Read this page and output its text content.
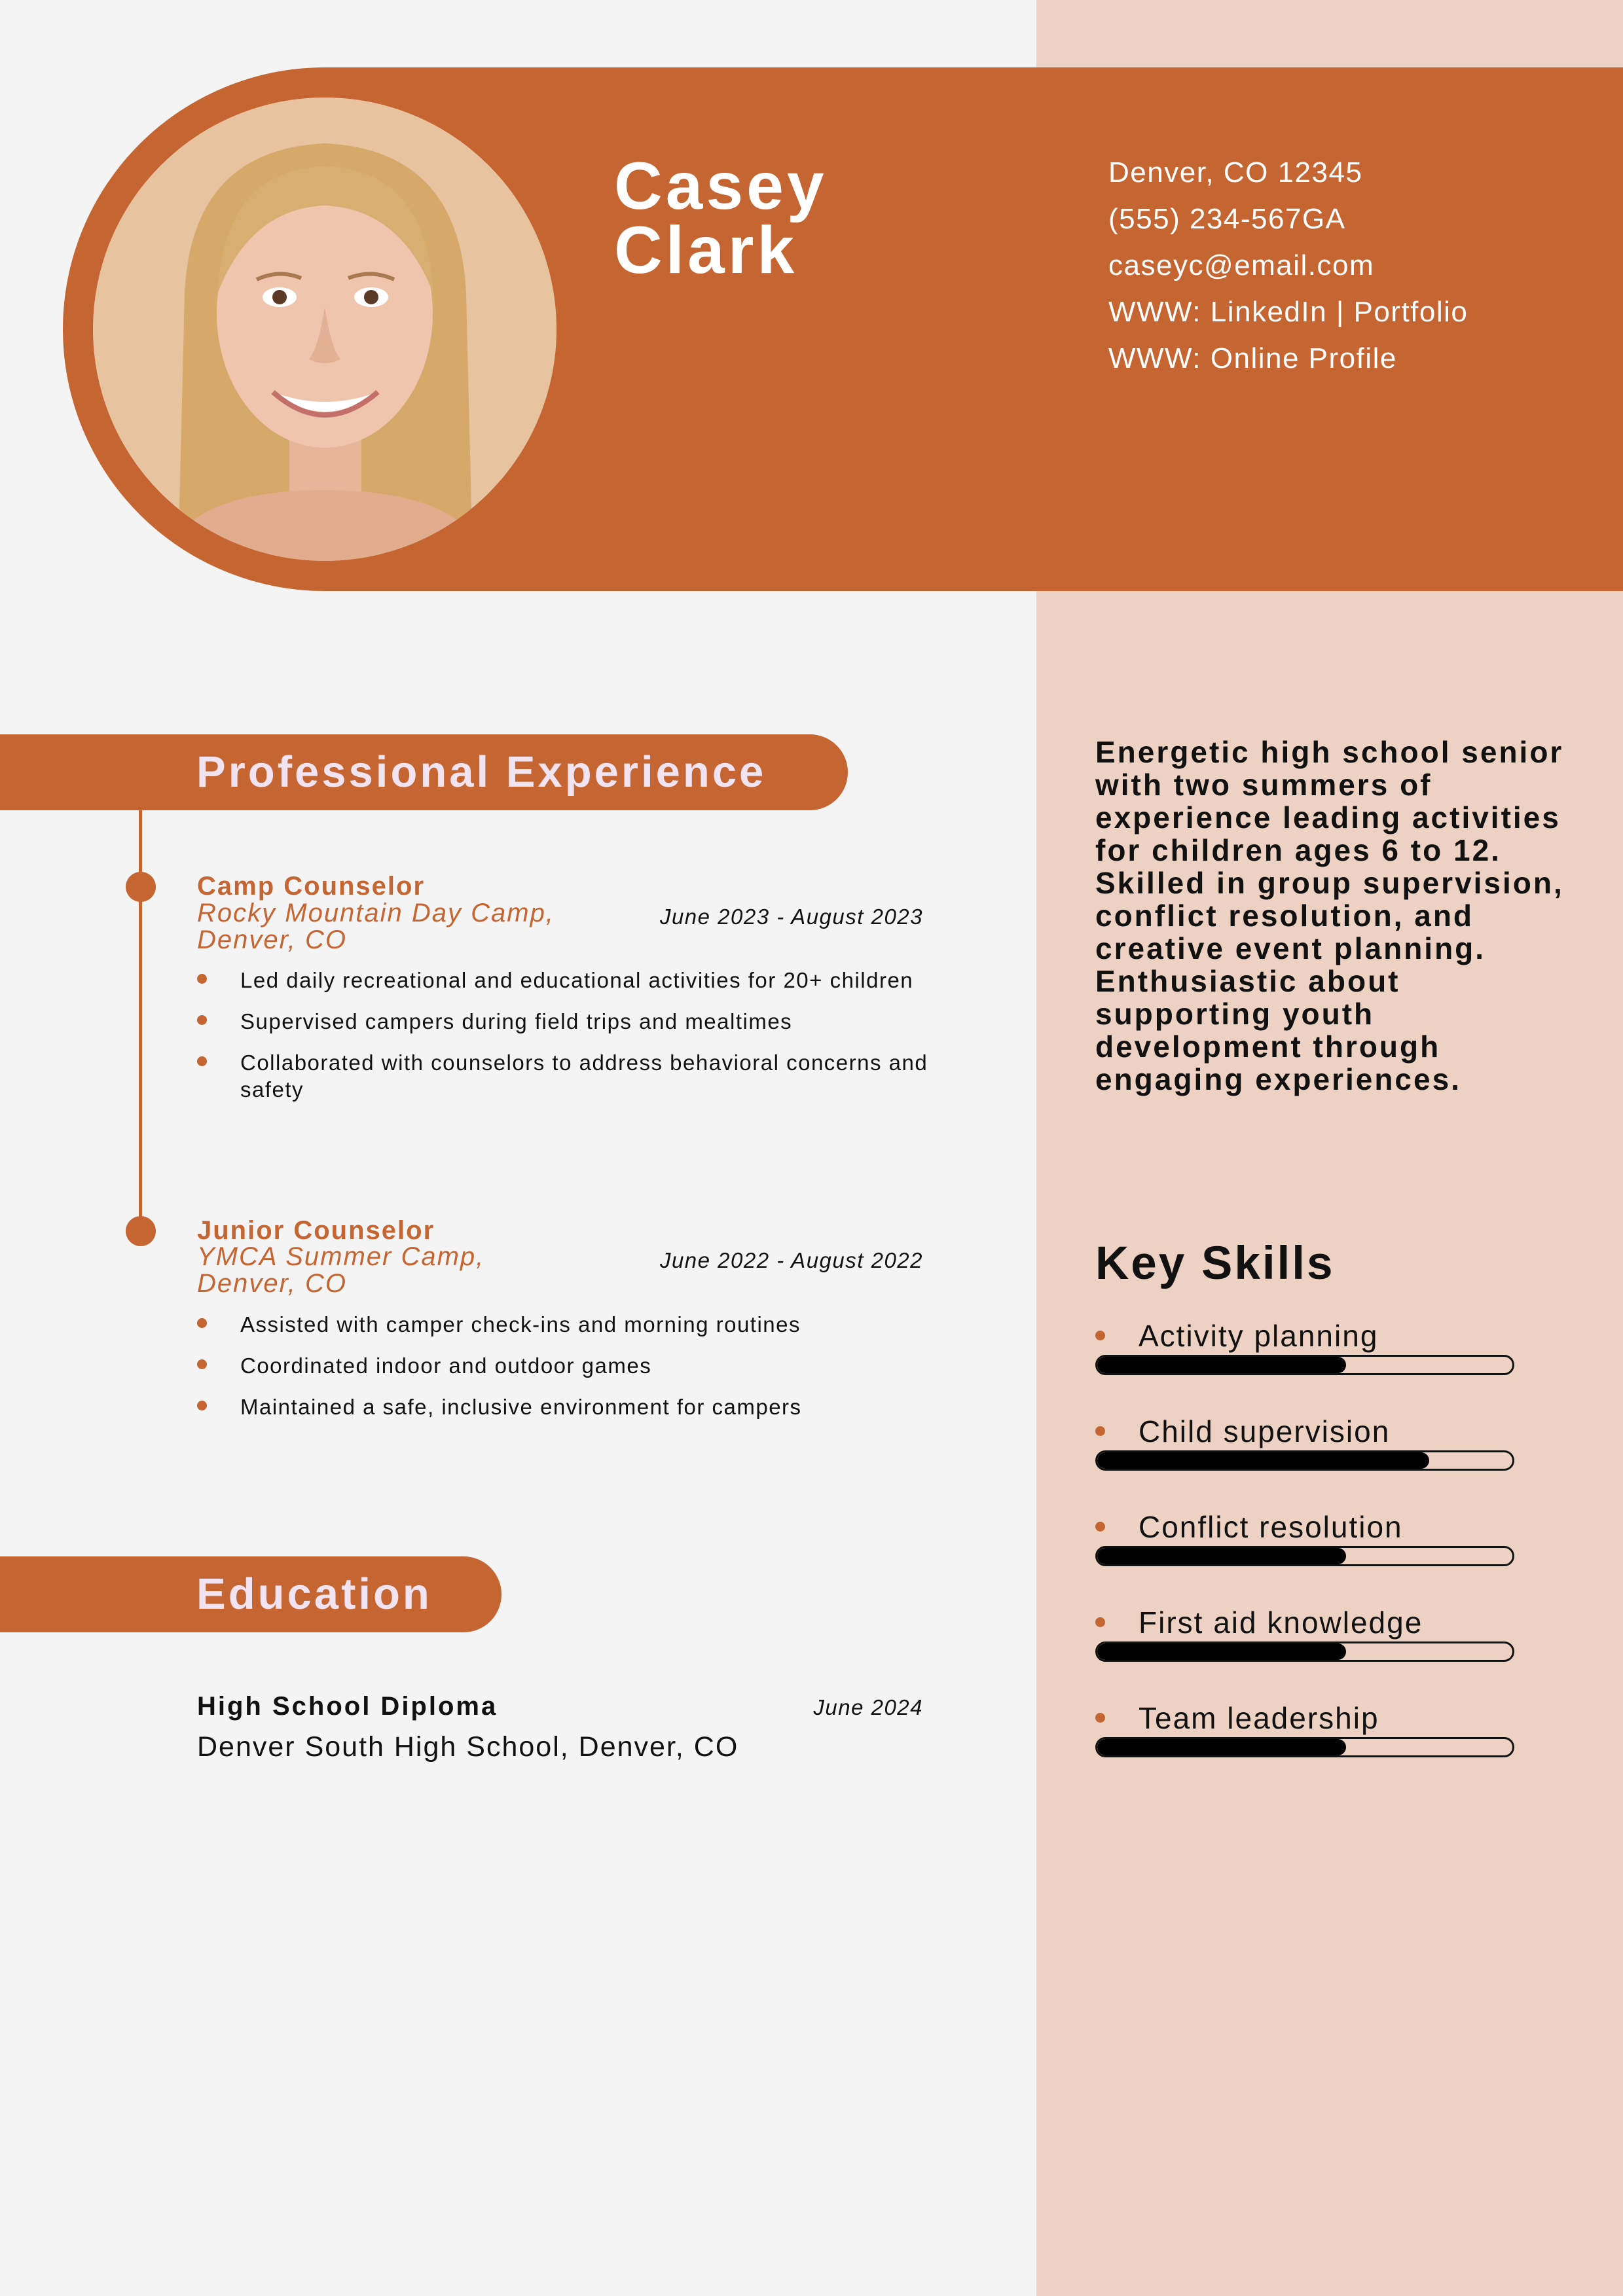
Casey
Clark
Denver, CO 12345
(555) 234-567GA
caseyc@email.com
WWW: LinkedIn | Portfolio
WWW: Online Profile
Professional Experience
Camp Counselor
Rocky Mountain Day Camp, Denver, CO
June 2023 - August 2023
Led daily recreational and educational activities for 20+ children
Supervised campers during field trips and mealtimes
Collaborated with counselors to address behavioral concerns and safety
Junior Counselor
YMCA Summer Camp, Denver, CO
June 2022 - August 2022
Assisted with camper check-ins and morning routines
Coordinated indoor and outdoor games
Maintained a safe, inclusive environment for campers
Education
High School Diploma	June 2024
Denver South High School, Denver, CO
Energetic high school senior with two summers of experience leading activities for children ages 6 to 12. Skilled in group supervision, conflict resolution, and creative event planning. Enthusiastic about supporting youth development through engaging experiences.
Key Skills
Activity planning
Child supervision
Conflict resolution
First aid knowledge
Team leadership
